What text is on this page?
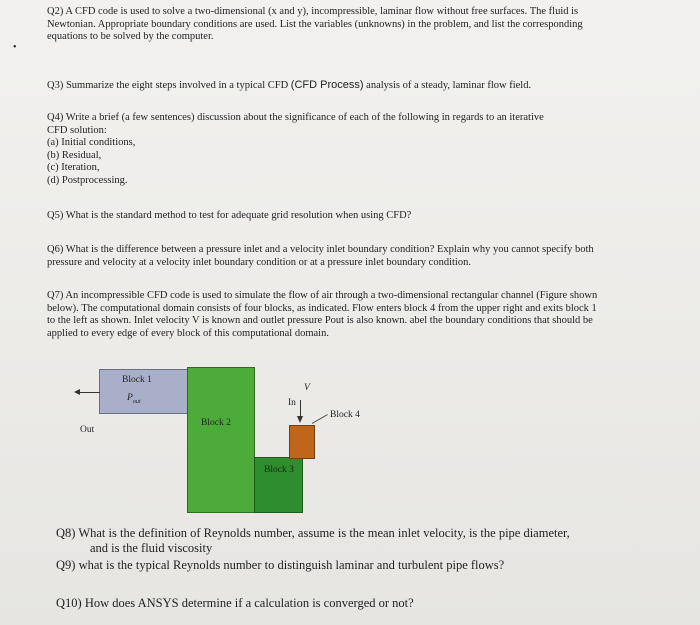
Q2) A CFD code is used to solve a two-dimensional (x and y), incompressible, laminar flow without free surfaces. The fluid is

Newtonian. Appropriate boundary conditions are used. List the variables (unknowns) in the problem, and list the corresponding

equations to be solved by the computer.

•

Q3) Summarize the eight steps involved in a typical CFD (CFD Process) analysis of a steady, laminar flow field.

Q4) Write a brief (a few sentences) discussion about the significance of each of the following in regards to an iterative

CFD solution:

(a) Initial conditions,

(b) Residual,

(c) Iteration,

(d) Postprocessing.

Q5) What is the standard method to test for adequate grid resolution when using CFD?

Q6) What is the difference between a pressure inlet and a velocity inlet boundary condition? Explain why you cannot specify both

pressure and velocity at a velocity inlet boundary condition or at a pressure inlet boundary condition.

Q7) An incompressible CFD code is used to simulate the flow of air through a two-dimensional rectangular channel (Figure shown

below). The computational domain consists of four blocks, as indicated. Flow enters block 4 from the upper right and exits block 1

to the left as shown. Inlet velocity V is known and outlet pressure Pout is also known. abel the boundary conditions that should be

applied to every edge of every block of this computational domain.

Block 1
$P_{out}$
Block 2
Block 3
Block 4
Out
In
V

Q8) What is the definition of Reynolds number, assume is the mean inlet velocity, is the pipe diameter,

and is the fluid viscosity

Q9) what is the typical Reynolds number to distinguish laminar and turbulent pipe flows?

Q10) How does ANSYS determine if a calculation is converged or not?
